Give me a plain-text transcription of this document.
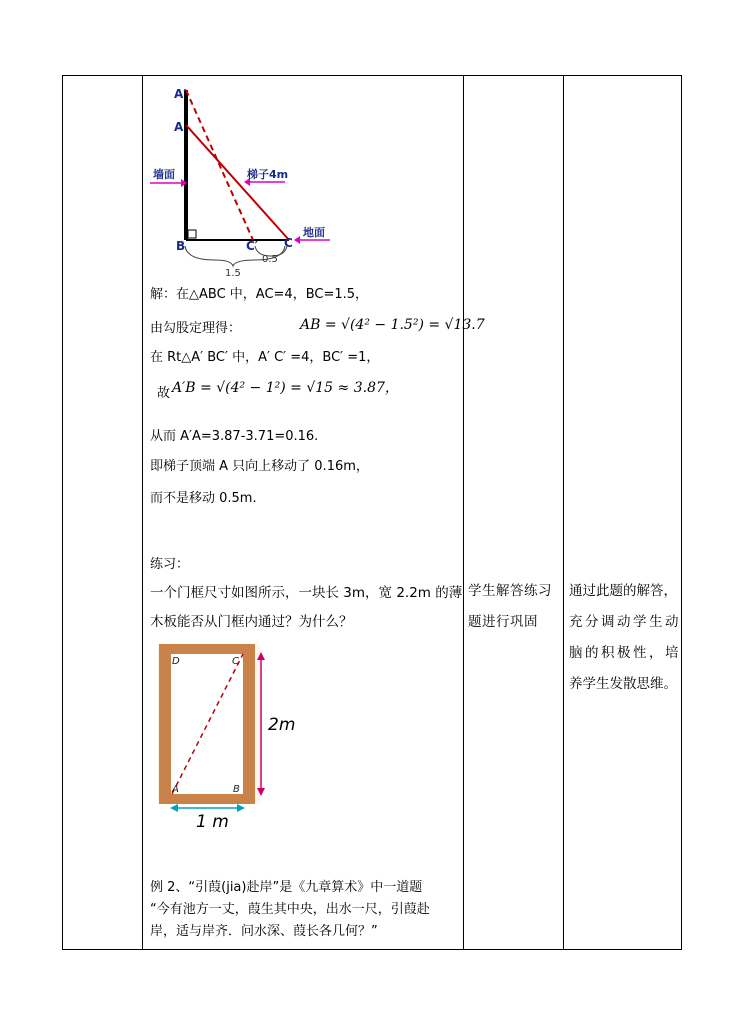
A′
A
B	C′ C
墙面	梯子4m
地面
0.5
1.5
解：在△ABC 中，AC=4，BC=1.5，
由勾股定理得：	AB = √(4² − 1.5²) = √13.7
在 Rt△A′ BC′ 中，A′ C′ =4，BC′ =1，
故 A′B = √(4² − 1²) = √15 ≈ 3.87，
从而 A′A=3.87-3.71=0.16.
即梯子顶端 A 只向上移动了 0.16m，
而不是移动 0.5m.
练习：
一个门框尺寸如图所示，一块长 3m，宽 2.2m 的薄
木板能否从门框内通过？为什么？
D	C
A	B
2m
1 m
例 2、“引葭(jia)赴岸”是《九章算术》中一道题
“今有池方一丈，葭生其中央，出水一尺，引葭赴
岸，适与岸齐．问水深、葭长各几何？”
学生解答练习
题进行巩固
通过此题的解答，
充分调动学生动
脑的积极性，培
养学生发散思维。
